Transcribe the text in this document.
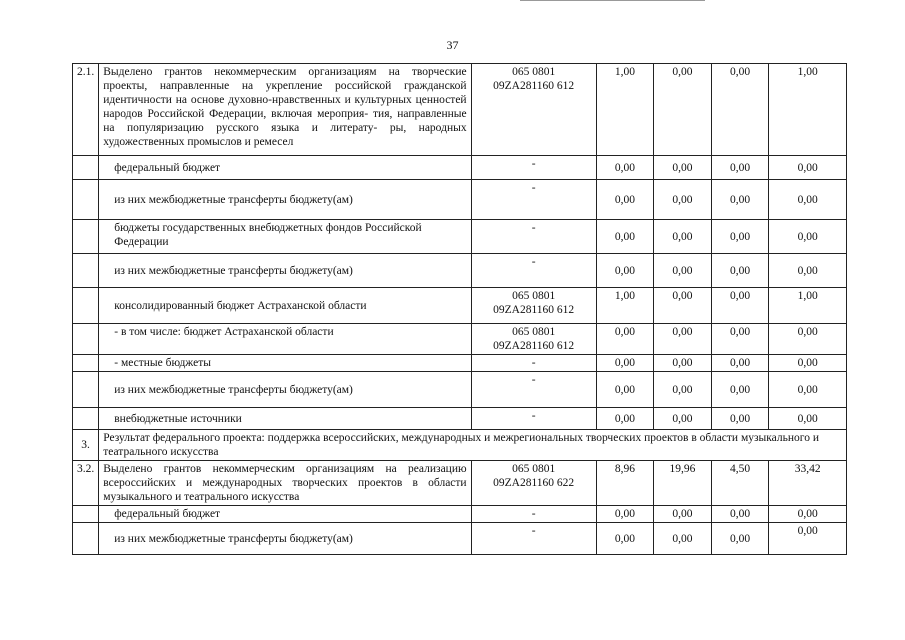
37
2.1.	Выделено грантов некоммерческим организациям на творческие проекты, направленные на укрепление российской гражданской идентичности на основе духовно-нравственных и культурных ценностей народов Российской Федерации, включая мероприя- тия, направленные на популяризацию русского языка и литерату- ры, народных художественных промыслов и ремесел	065 0801
09ZA281160 612	1,00	0,00	0,00	1,00
	федеральный бюджет	-	0,00	0,00	0,00	0,00
	из них межбюджетные трансферты бюджету(ам)	-	0,00	0,00	0,00	0,00
	бюджеты государственных внебюджетных фондов Российской Федерации	-	0,00	0,00	0,00	0,00
	из них межбюджетные трансферты бюджету(ам)	-	0,00	0,00	0,00	0,00
	консолидированный бюджет Астраханской области	065 0801
09ZA281160 612	1,00	0,00	0,00	1,00
	- в том числе: бюджет Астраханской области	065 0801
09ZA281160 612	0,00	0,00	0,00	0,00
	- местные бюджеты	-	0,00	0,00	0,00	0,00
	из них межбюджетные трансферты бюджету(ам)	-	0,00	0,00	0,00	0,00
	внебюджетные источники	-	0,00	0,00	0,00	0,00
3.	Результат федерального проекта: поддержка всероссийских, международных и межрегиональных творческих проектов в области музыкального и театрального искусства					
3.2.	Выделено грантов некоммерческим организациям на реализацию всероссийских и международных творческих проектов в области музыкального и театрального искусства	065 0801
09ZA281160 622	8,96	19,96	4,50	33,42
	федеральный бюджет	-	0,00	0,00	0,00	0,00
	из них межбюджетные трансферты бюджету(ам)	-	0,00	0,00	0,00	0,00
